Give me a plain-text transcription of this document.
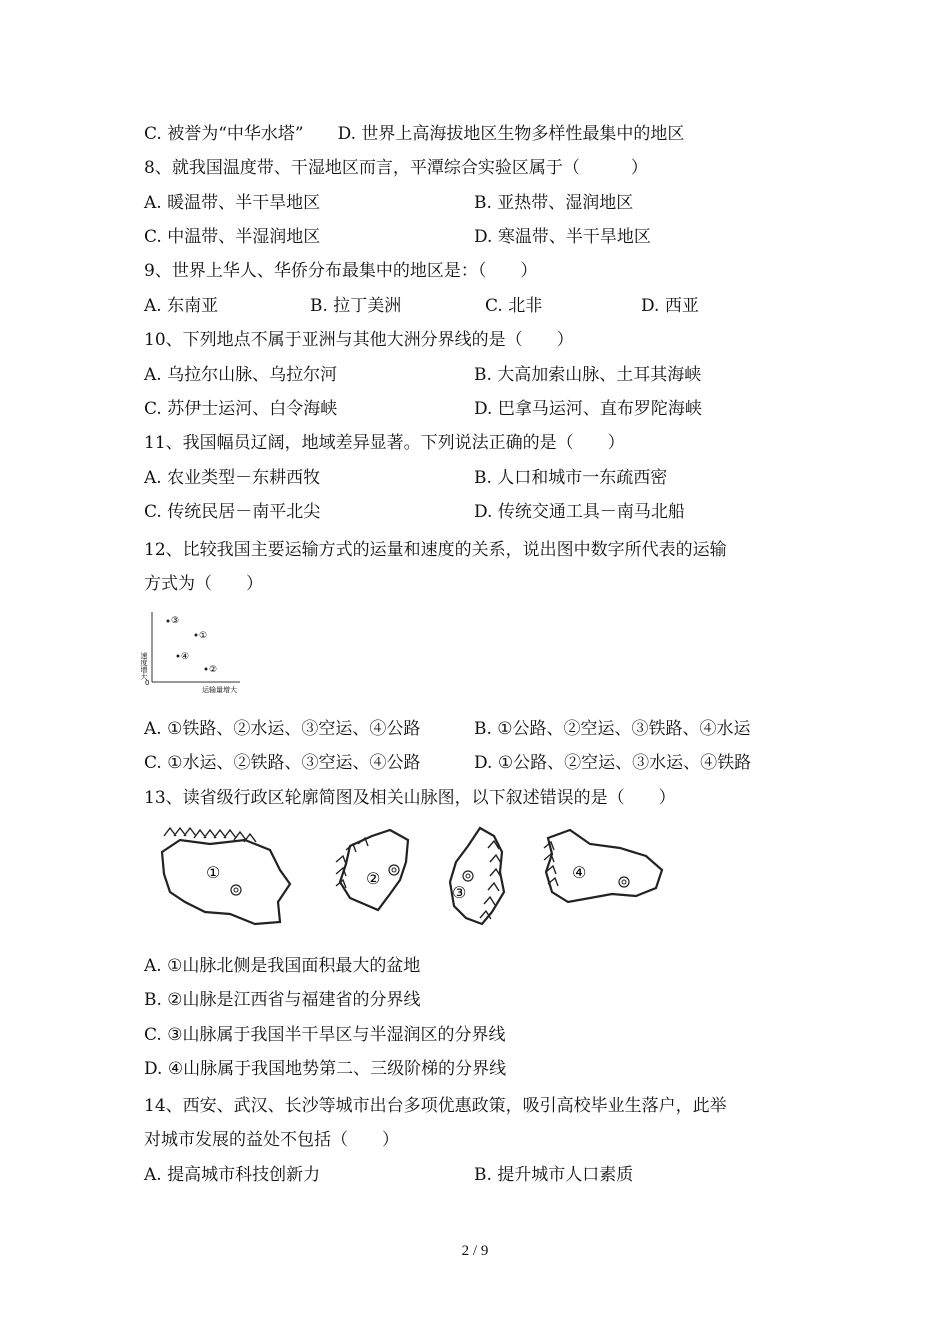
C. 被誉为“中华水塔”　　D. 世界上高海拔地区生物多样性最集中的地区
8、就我国温度带、干湿地区而言，平潭综合实验区属于（　　　）
A. 暖温带、半干旱地区	B. 亚热带、湿润地区
C. 中温带、半湿润地区	D. 寒温带、半干旱地区
9、世界上华人、华侨分布最集中的地区是：（　　）
A. 东南亚	B. 拉丁美洲	C. 北非	D. 西亚
10、下列地点不属于亚洲与其他大洲分界线的是（　　）
A. 乌拉尔山脉、乌拉尔河	B. 大高加索山脉、土耳其海峡
C. 苏伊士运河、白令海峡	D. 巴拿马运河、直布罗陀海峡
11、我国幅员辽阔，地域差异显著。下列说法正确的是（　　）
A. 农业类型－东耕西牧	B. 人口和城市一东疏西密
C. 传统民居－南平北尖	D. 传统交通工具－南马北船
12、比较我国主要运输方式的运量和速度的关系，说出图中数字所代表的运输
方式为（　　）
速度增大
0
运输量增大
③
①
④
②
A. ①铁路、②水运、③空运、④公路	B. ①公路、②空运、③铁路、④水运
C. ①水运、②铁路、③空运、④公路	D. ①公路、②空运、③水运、④铁路
13、读省级行政区轮廓简图及相关山脉图，以下叙述错误的是（　　）
①	②
③
④
A. ①山脉北侧是我国面积最大的盆地
B. ②山脉是江西省与福建省的分界线
C. ③山脉属于我国半干旱区与半湿润区的分界线
D. ④山脉属于我国地势第二、三级阶梯的分界线
14、西安、武汉、长沙等城市出台多项优惠政策，吸引高校毕业生落户，此举
对城市发展的益处不包括（　　）
A. 提高城市科技创新力	B. 提升城市人口素质
2 / 9
